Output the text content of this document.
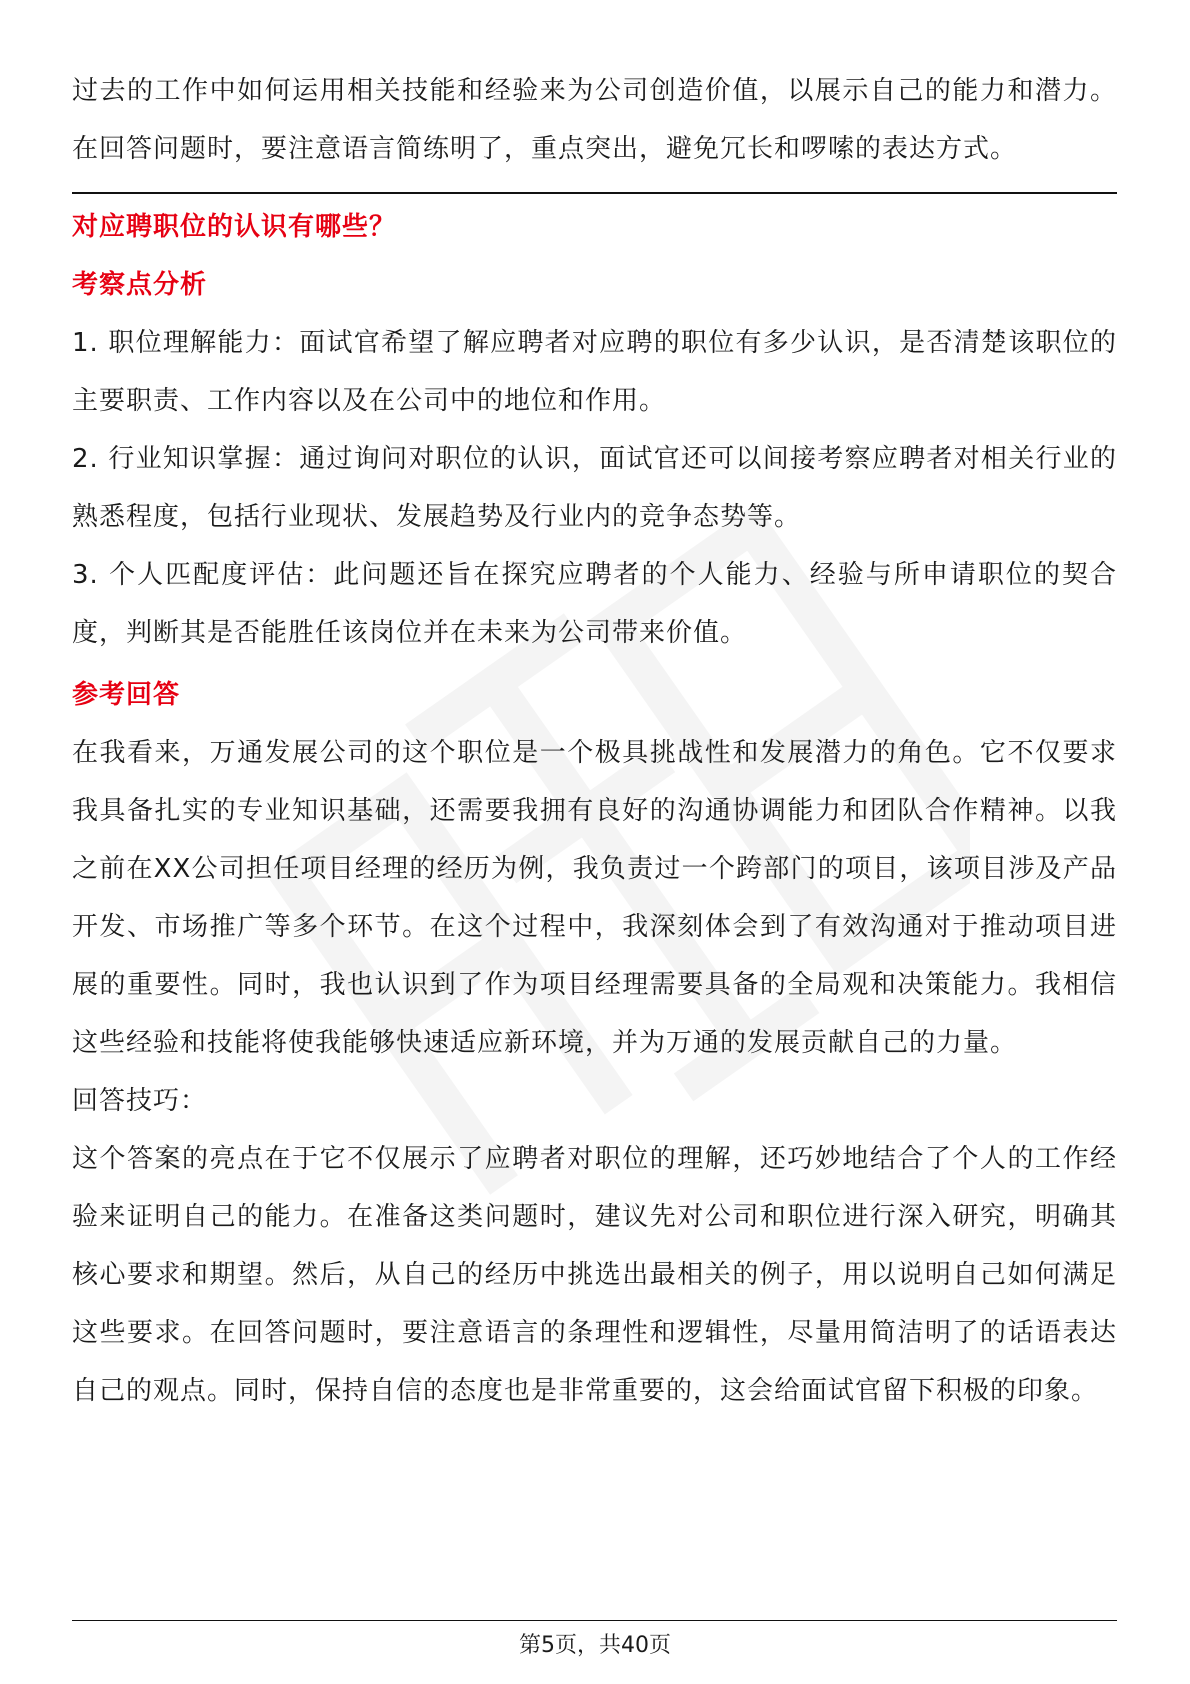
过去的工作中如何运用相关技能和经验来为公司创造价值，以展示自己的能力和潜力。在回答问题时，要注意语言简练明了，重点突出，避免冗长和啰嗦的表达方式。

对应聘职位的认识有哪些？

考察点分析

1. 职位理解能力：面试官希望了解应聘者对应聘的职位有多少认识，是否清楚该职位的主要职责、工作内容以及在公司中的地位和作用。

2. 行业知识掌握：通过询问对职位的认识，面试官还可以间接考察应聘者对相关行业的熟悉程度，包括行业现状、发展趋势及行业内的竞争态势等。

3. 个人匹配度评估：此问题还旨在探究应聘者的个人能力、经验与所申请职位的契合度，判断其是否能胜任该岗位并在未来为公司带来价值。

参考回答

在我看来，万通发展公司的这个职位是一个极具挑战性和发展潜力的角色。它不仅要求我具备扎实的专业知识基础，还需要我拥有良好的沟通协调能力和团队合作精神。以我之前在XX公司担任项目经理的经历为例，我负责过一个跨部门的项目，该项目涉及产品开发、市场推广等多个环节。在这个过程中，我深刻体会到了有效沟通对于推动项目进展的重要性。同时，我也认识到了作为项目经理需要具备的全局观和决策能力。我相信这些经验和技能将使我能够快速适应新环境，并为万通的发展贡献自己的力量。

回答技巧：

这个答案的亮点在于它不仅展示了应聘者对职位的理解，还巧妙地结合了个人的工作经验来证明自己的能力。在准备这类问题时，建议先对公司和职位进行深入研究，明确其核心要求和期望。然后，从自己的经历中挑选出最相关的例子，用以说明自己如何满足这些要求。在回答问题时，要注意语言的条理性和逻辑性，尽量用简洁明了的话语表达自己的观点。同时，保持自信的态度也是非常重要的，这会给面试官留下积极的印象。

第5页，共40页
